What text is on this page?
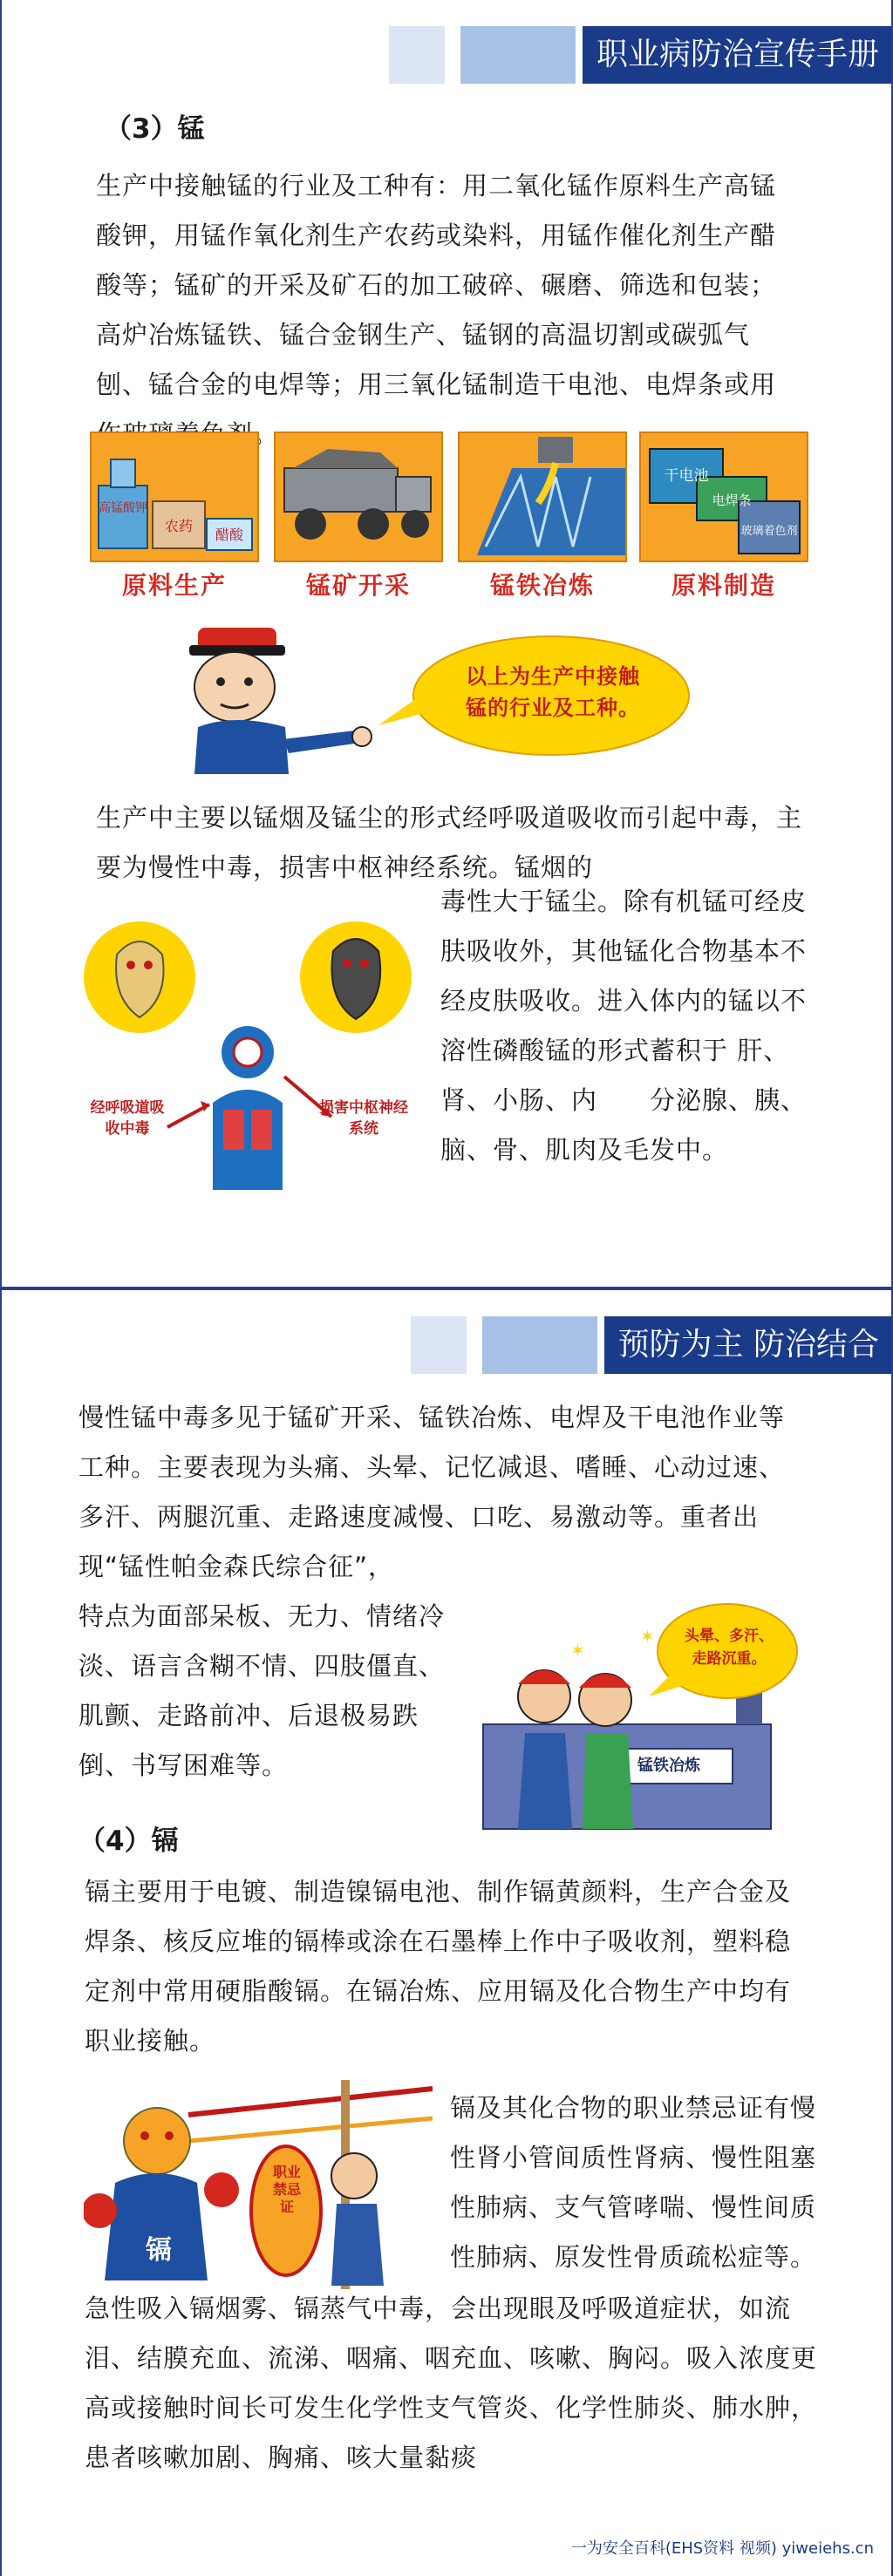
职业病防治宣传手册
（3）锰
生产中接触锰的行业及工种有：用二氧化锰作原料生产高锰酸钾，用锰作氧化剂生产农药或染料，用锰作催化剂生产醋酸等；锰矿的开采及矿石的加工破碎、碾磨、筛选和包装；高炉冶炼锰铁、锰合金钢生产、锰钢的高温切割或碳弧气刨、锰合金的电焊等；用三氧化锰制造干电池、电焊条或用 。
高锰酸钾
农药
醋酸
原料生产	锰矿开采	锰铁冶炼
干电池
电焊条
玻璃着色剂
原料制造
以上为生产中接触锰的行业及工种。
生产中主要以锰烟及锰尘的形式经呼吸道吸收而引起中毒，主要为慢性中毒，损害中枢神经系统。锰烟的
经呼吸道吸收中毒
损害中枢神经系统
毒性大于锰尘。除有机锰可经皮肤吸收外，其他锰化合物基本不经皮肤吸收。进入体内的锰以不溶性磷酸锰的形式蓄积于 肝、肾、小肠、内　　分泌腺、胰、脑、骨、肌肉及毛发中。
预防为主 防治结合
慢性锰中毒多见于锰矿开采、锰铁冶炼、电焊及干电池作业等工种。主要表现为头痛、头晕、记忆减退、嗜睡、心动过速、多汗、两腿沉重、走路速度减慢、口吃、易激动等。重者出现“锰性帕金森氏综合征”，
特点为面部呆板、无力、情绪冷淡、语言含糊不情、四肢僵直、肌颤、走路前冲、后退极易跌倒、书写困难等。
✶
✶
头晕、多汗、走路沉重。
锰铁冶炼
（4）镉
镉主要用于电镀、制造镍镉电池、制作镉黄颜料，生产合金及焊条、核反应堆的镉棒或涂在石墨棒上作中子吸收剂，塑料稳定剂中常用硬脂酸镉。在镉冶炼、应用镉及化合物生产中均有职业接触。
镉
职业禁忌证
镉及其化合物的职业禁忌证有慢性肾小管间质性肾病、慢性阻塞性肺病、支气管哮喘、慢性间质性肺病、原发性骨质疏松症等。
急性吸入镉烟雾、镉蒸气中毒，会出现眼及呼吸道症状，如流泪、结膜充血、流涕、咽痛、咽充血、咳嗽、胸闷。吸入浓度更高或接触时间长可发生化学性支气管炎、化学性肺炎、肺水肿，患者咳嗽加剧、胸痛、咳大量黏痰
一为安全百科(EHS资料 视频) yiweiehs.cn
